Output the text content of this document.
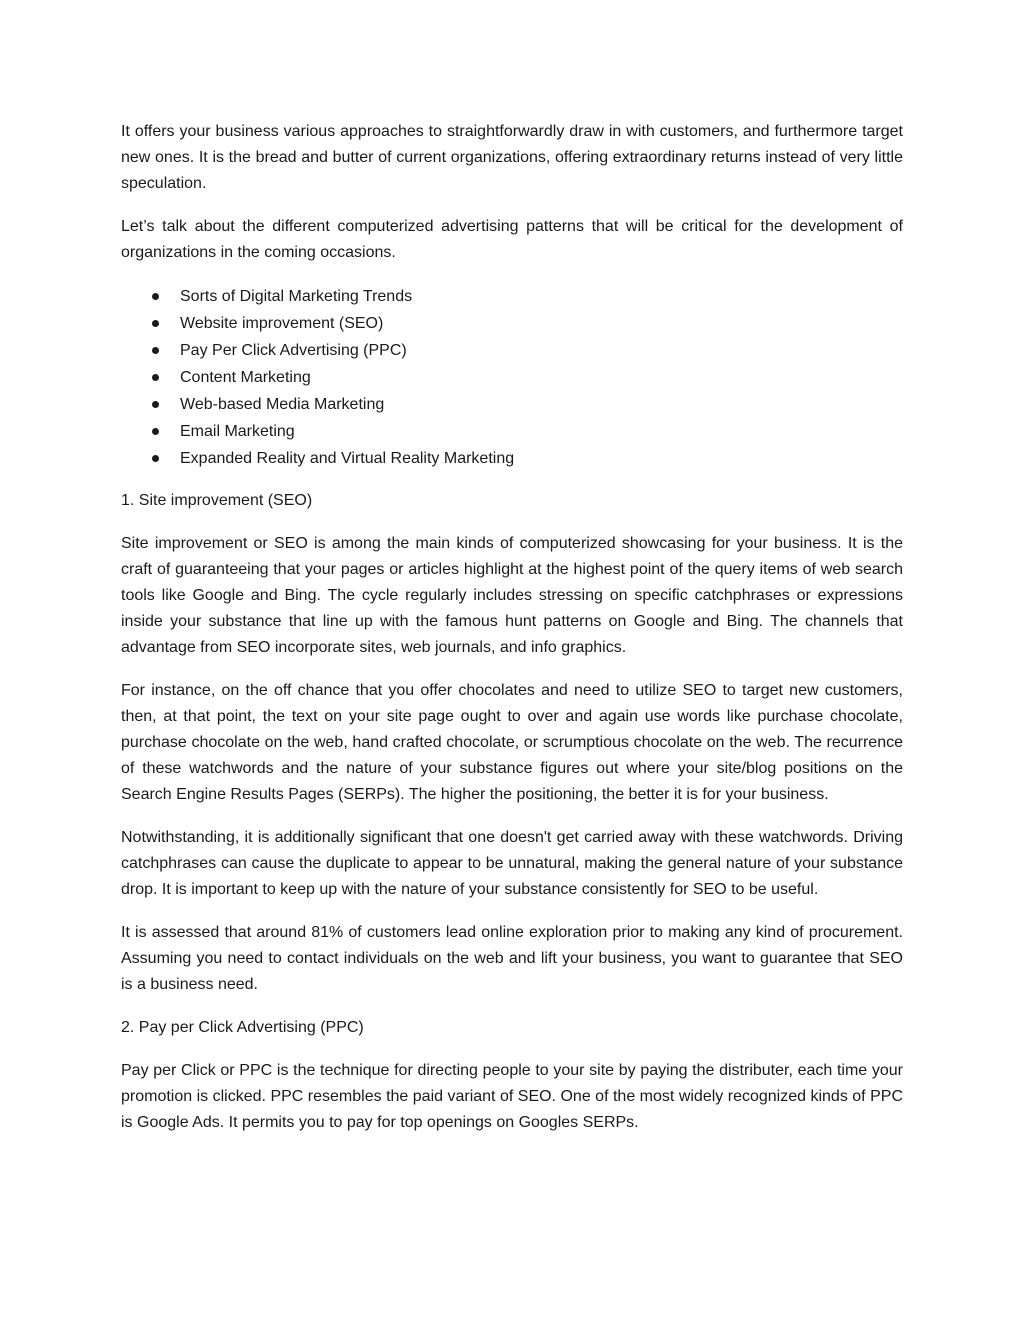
It offers your business various approaches to straightforwardly draw in with customers, and furthermore target new ones. It is the bread and butter of current organizations, offering extraordinary returns instead of very little speculation.

Let’s talk about the different computerized advertising patterns that will be critical for the development of organizations in the coming occasions.

Sorts of Digital Marketing Trends
Website improvement (SEO)
Pay Per Click Advertising (PPC)
Content Marketing
Web-based Media Marketing
Email Marketing
Expanded Reality and Virtual Reality Marketing

1. Site improvement (SEO)

Site improvement or SEO is among the main kinds of computerized showcasing for your business. It is the craft of guaranteeing that your pages or articles highlight at the highest point of the query items of web search tools like Google and Bing. The cycle regularly includes stressing on specific catchphrases or expressions inside your substance that line up with the famous hunt patterns on Google and Bing. The channels that advantage from SEO incorporate sites, web journals, and info graphics.

For instance, on the off chance that you offer chocolates and need to utilize SEO to target new customers, then, at that point, the text on your site page ought to over and again use words like purchase chocolate, purchase chocolate on the web, hand crafted chocolate, or scrumptious chocolate on the web. The recurrence of these watchwords and the nature of your substance figures out where your site/blog positions on the Search Engine Results Pages (SERPs). The higher the positioning, the better it is for your business.

Notwithstanding, it is additionally significant that one doesn't get carried away with these watchwords. Driving catchphrases can cause the duplicate to appear to be unnatural, making the general nature of your substance drop. It is important to keep up with the nature of your substance consistently for SEO to be useful.

It is assessed that around 81% of customers lead online exploration prior to making any kind of procurement. Assuming you need to contact individuals on the web and lift your business, you want to guarantee that SEO is a business need.

2. Pay per Click Advertising (PPC)

Pay per Click or PPC is the technique for directing people to your site by paying the distributer, each time your promotion is clicked. PPC resembles the paid variant of SEO. One of the most widely recognized kinds of PPC is Google Ads. It permits you to pay for top openings on Googles SERPs.
